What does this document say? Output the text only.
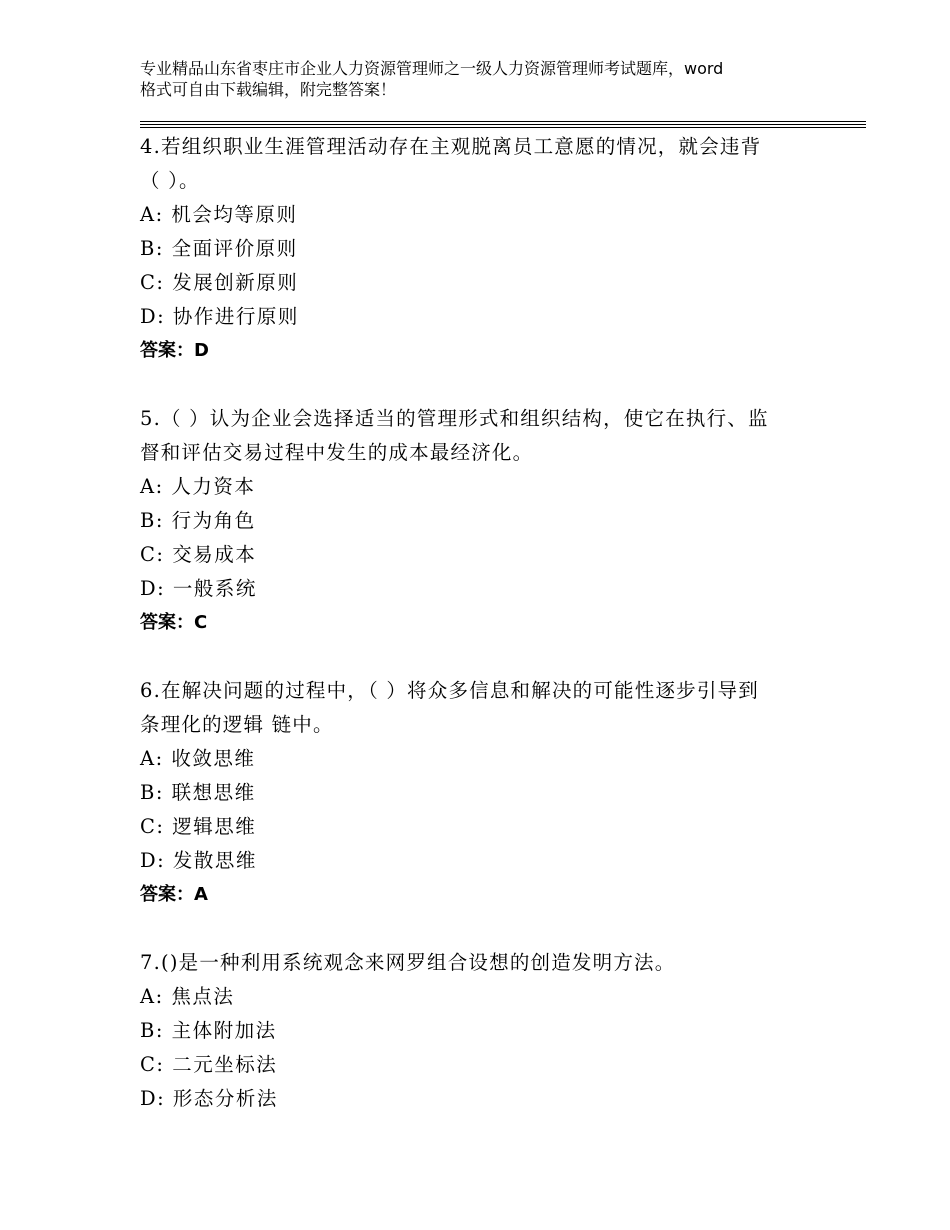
专业精品山东省枣庄市企业人力资源管理师之一级人力资源管理师考试题库，word
格式可自由下载编辑，附完整答案！
4.若组织职业生涯管理活动存在主观脱离员工意愿的情况，就会违背
（ ）。
A: 机会均等原则
B: 全面评价原则
C: 发展创新原则
D: 协作进行原则
答案：D
5.（ ）认为企业会选择适当的管理形式和组织结构，使它在执行、监
督和评估交易过程中发生的成本最经济化。
A: 人力资本
B: 行为角色
C: 交易成本
D: 一般系统
答案：C
6.在解决问题的过程中，（ ）将众多信息和解决的可能性逐步引导到
条理化的逻辑 链中。
A: 收敛思维
B: 联想思维
C: 逻辑思维
D: 发散思维
答案：A
7.()是一种利用系统观念来网罗组合设想的创造发明方法。
A: 焦点法
B: 主体附加法
C: 二元坐标法
D: 形态分析法
